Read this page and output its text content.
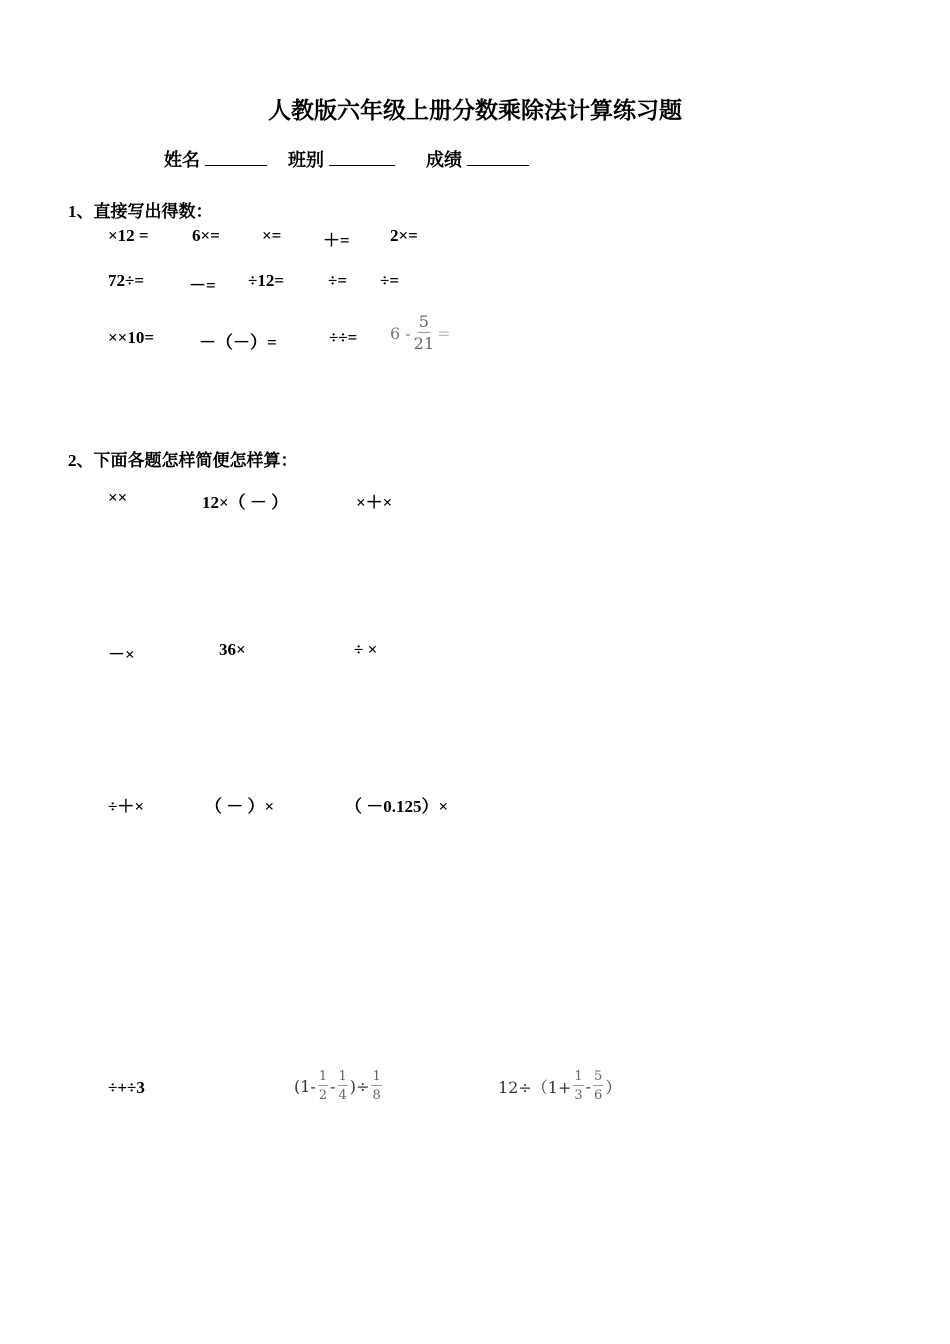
人教版六年级上册分数乘除法计算练习题
姓名	班别	成绩
1、直接写出得数：
×12 =	6×= ×= ＋= 2×=
72÷=	－= ÷12=	÷= ÷=
××10=	－（－）=	÷÷= $6 - \frac{5}{21}$ =
2、下面各题怎样简便怎样算：
××	12×（ － ）	×＋×
－×	36×	÷ ×
÷＋×	（ － ）×	（ －0.125）×
÷+÷3	($1- \frac{1}{2} - \frac{1}{4}$ )÷ $\frac{1}{8}$	$12\div(1+ \frac{1}{3} - \frac{5}{6}$ ）
